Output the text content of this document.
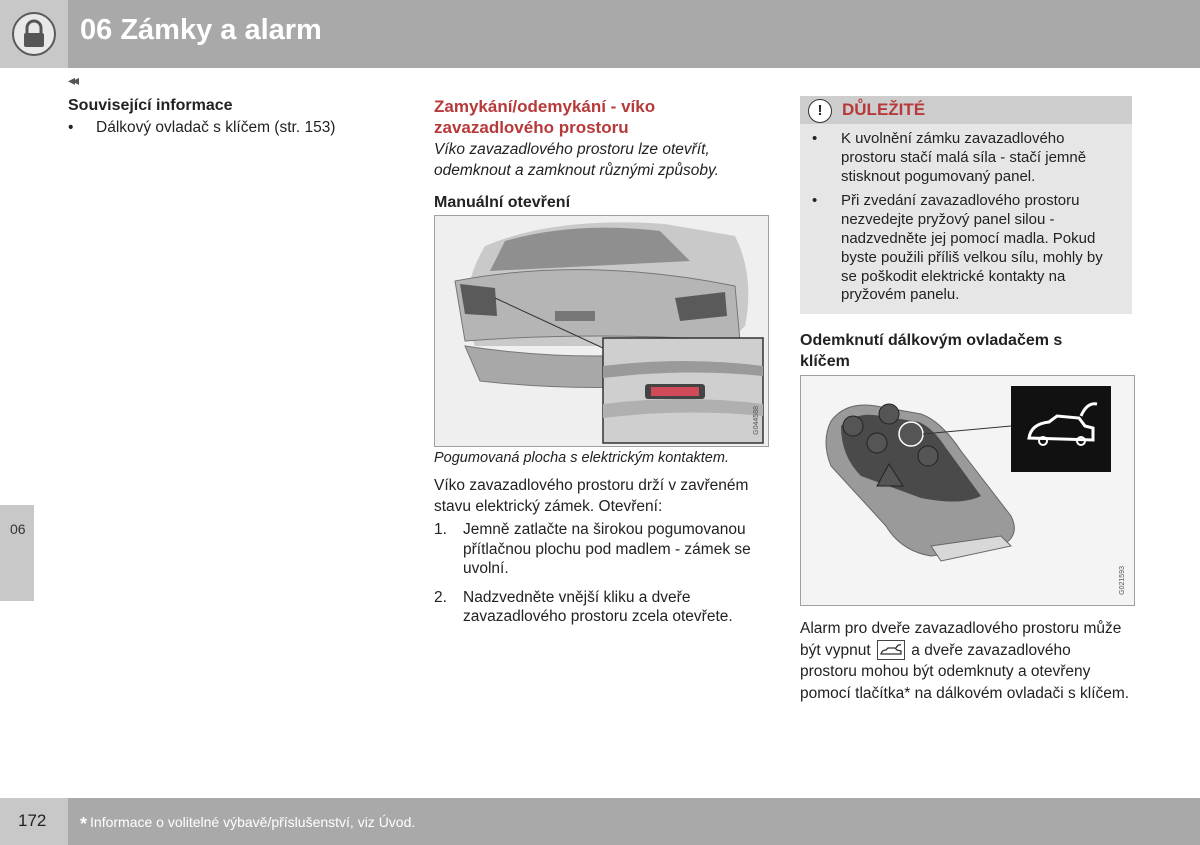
06 Zámky a alarm
◂◂
06
Související informace
• Dálkový ovladač s klíčem (str. 153)
Zamykání/odemykání - víko zavazadlového prostoru
Víko zavazadlového prostoru lze otevřít, odemknout a zamknout různými způsoby.
Manuální otevření
G044588
Pogumovaná plocha s elektrickým kontaktem.
Víko zavazadlového prostoru drží v zavřeném stavu elektrický zámek. Otevření:
1. Jemně zatlačte na širokou pogumovanou přítlačnou plochu pod madlem - zámek se uvolní.
2. Nadzvedněte vnější kliku a dveře zavazadlového prostoru zcela otevřete.
!	DŮLEŽITÉ
• K uvolnění zámku zavazadlového prostoru stačí malá síla - stačí jemně stisknout pogumovaný panel.
• Při zvedání zavazadlového prostoru nezvedejte pryžový panel silou - nadzvedněte jej pomocí madla. Pokud byste použili příliš velkou sílu, mohly by se poškodit elektrické kontakty na pryžovém panelu.
Odemknutí dálkovým ovladačem s klíčem
G021593
Alarm pro dveře zavazadlového prostoru může být vypnut	a dveře zavazadlového prostoru mohou být odemknuty a otevřeny pomocí tlačítka* na dálkovém ovladači s klíčem.
172 * Informace o volitelné výbavě/příslušenství, viz Úvod.
